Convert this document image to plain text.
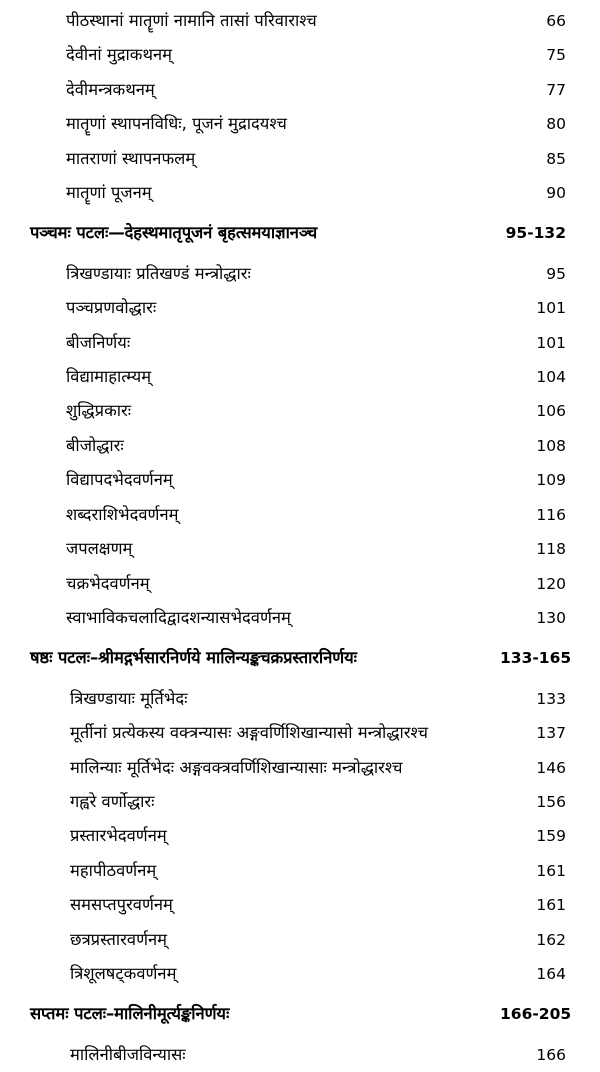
पीठस्थानां मातॄणां नामानि तासां परिवाराश्च	66

देवीनां मुद्राकथनम्	75

देवीमन्त्रकथनम्	77

मातॄणां स्थापनविधिः, पूजनं मुद्रादयश्च	80

मातराणां स्थापनफलम्	85

मातॄणां पूजनम्	90

पञ्चमः पटलः—देहस्थमातृपूजनं बृहत्समयाज्ञानञ्च	95-132

त्रिखण्डायाः प्रतिखण्डं मन्त्रोद्धारः	95

पञ्चप्रणवोद्धारः	101

बीजनिर्णयः	101

विद्यामाहात्म्यम्	104

शुद्धिप्रकारः	106

बीजोद्धारः	108

विद्यापदभेदवर्णनम्	109

शब्दराशिभेदवर्णनम्	116

जपलक्षणम्	118

चक्रभेदवर्णनम्	120

स्वाभाविकचलादिद्वादशन्यासभेदवर्णनम्	130

षष्ठः पटलः–श्रीमद्गर्भसारनिर्णये मालिन्यङ्कचक्रप्रस्तारनिर्णयः	133-165

त्रिखण्डायाः मूर्तिभेदः	133

मूर्तीनां प्रत्येकस्य वक्त्रन्यासः अङ्गवर्णिशिखान्यासो मन्त्रोद्धारश्च	137

मालिन्याः मूर्तिभेदः अङ्गवक्त्रवर्णिशिखान्यासाः मन्त्रोद्धारश्च	146

गह्वरे वर्णोद्धारः	156

प्रस्तारभेदवर्णनम्	159

महापीठवर्णनम्	161

समसप्तपुरवर्णनम्	161

छत्रप्रस्तारवर्णनम्	162

त्रिशूलषट्कवर्णनम्	164

सप्तमः पटलः–मालिनीमूर्त्यङ्कनिर्णयः	166-205

मालिनीबीजविन्यासः	166
